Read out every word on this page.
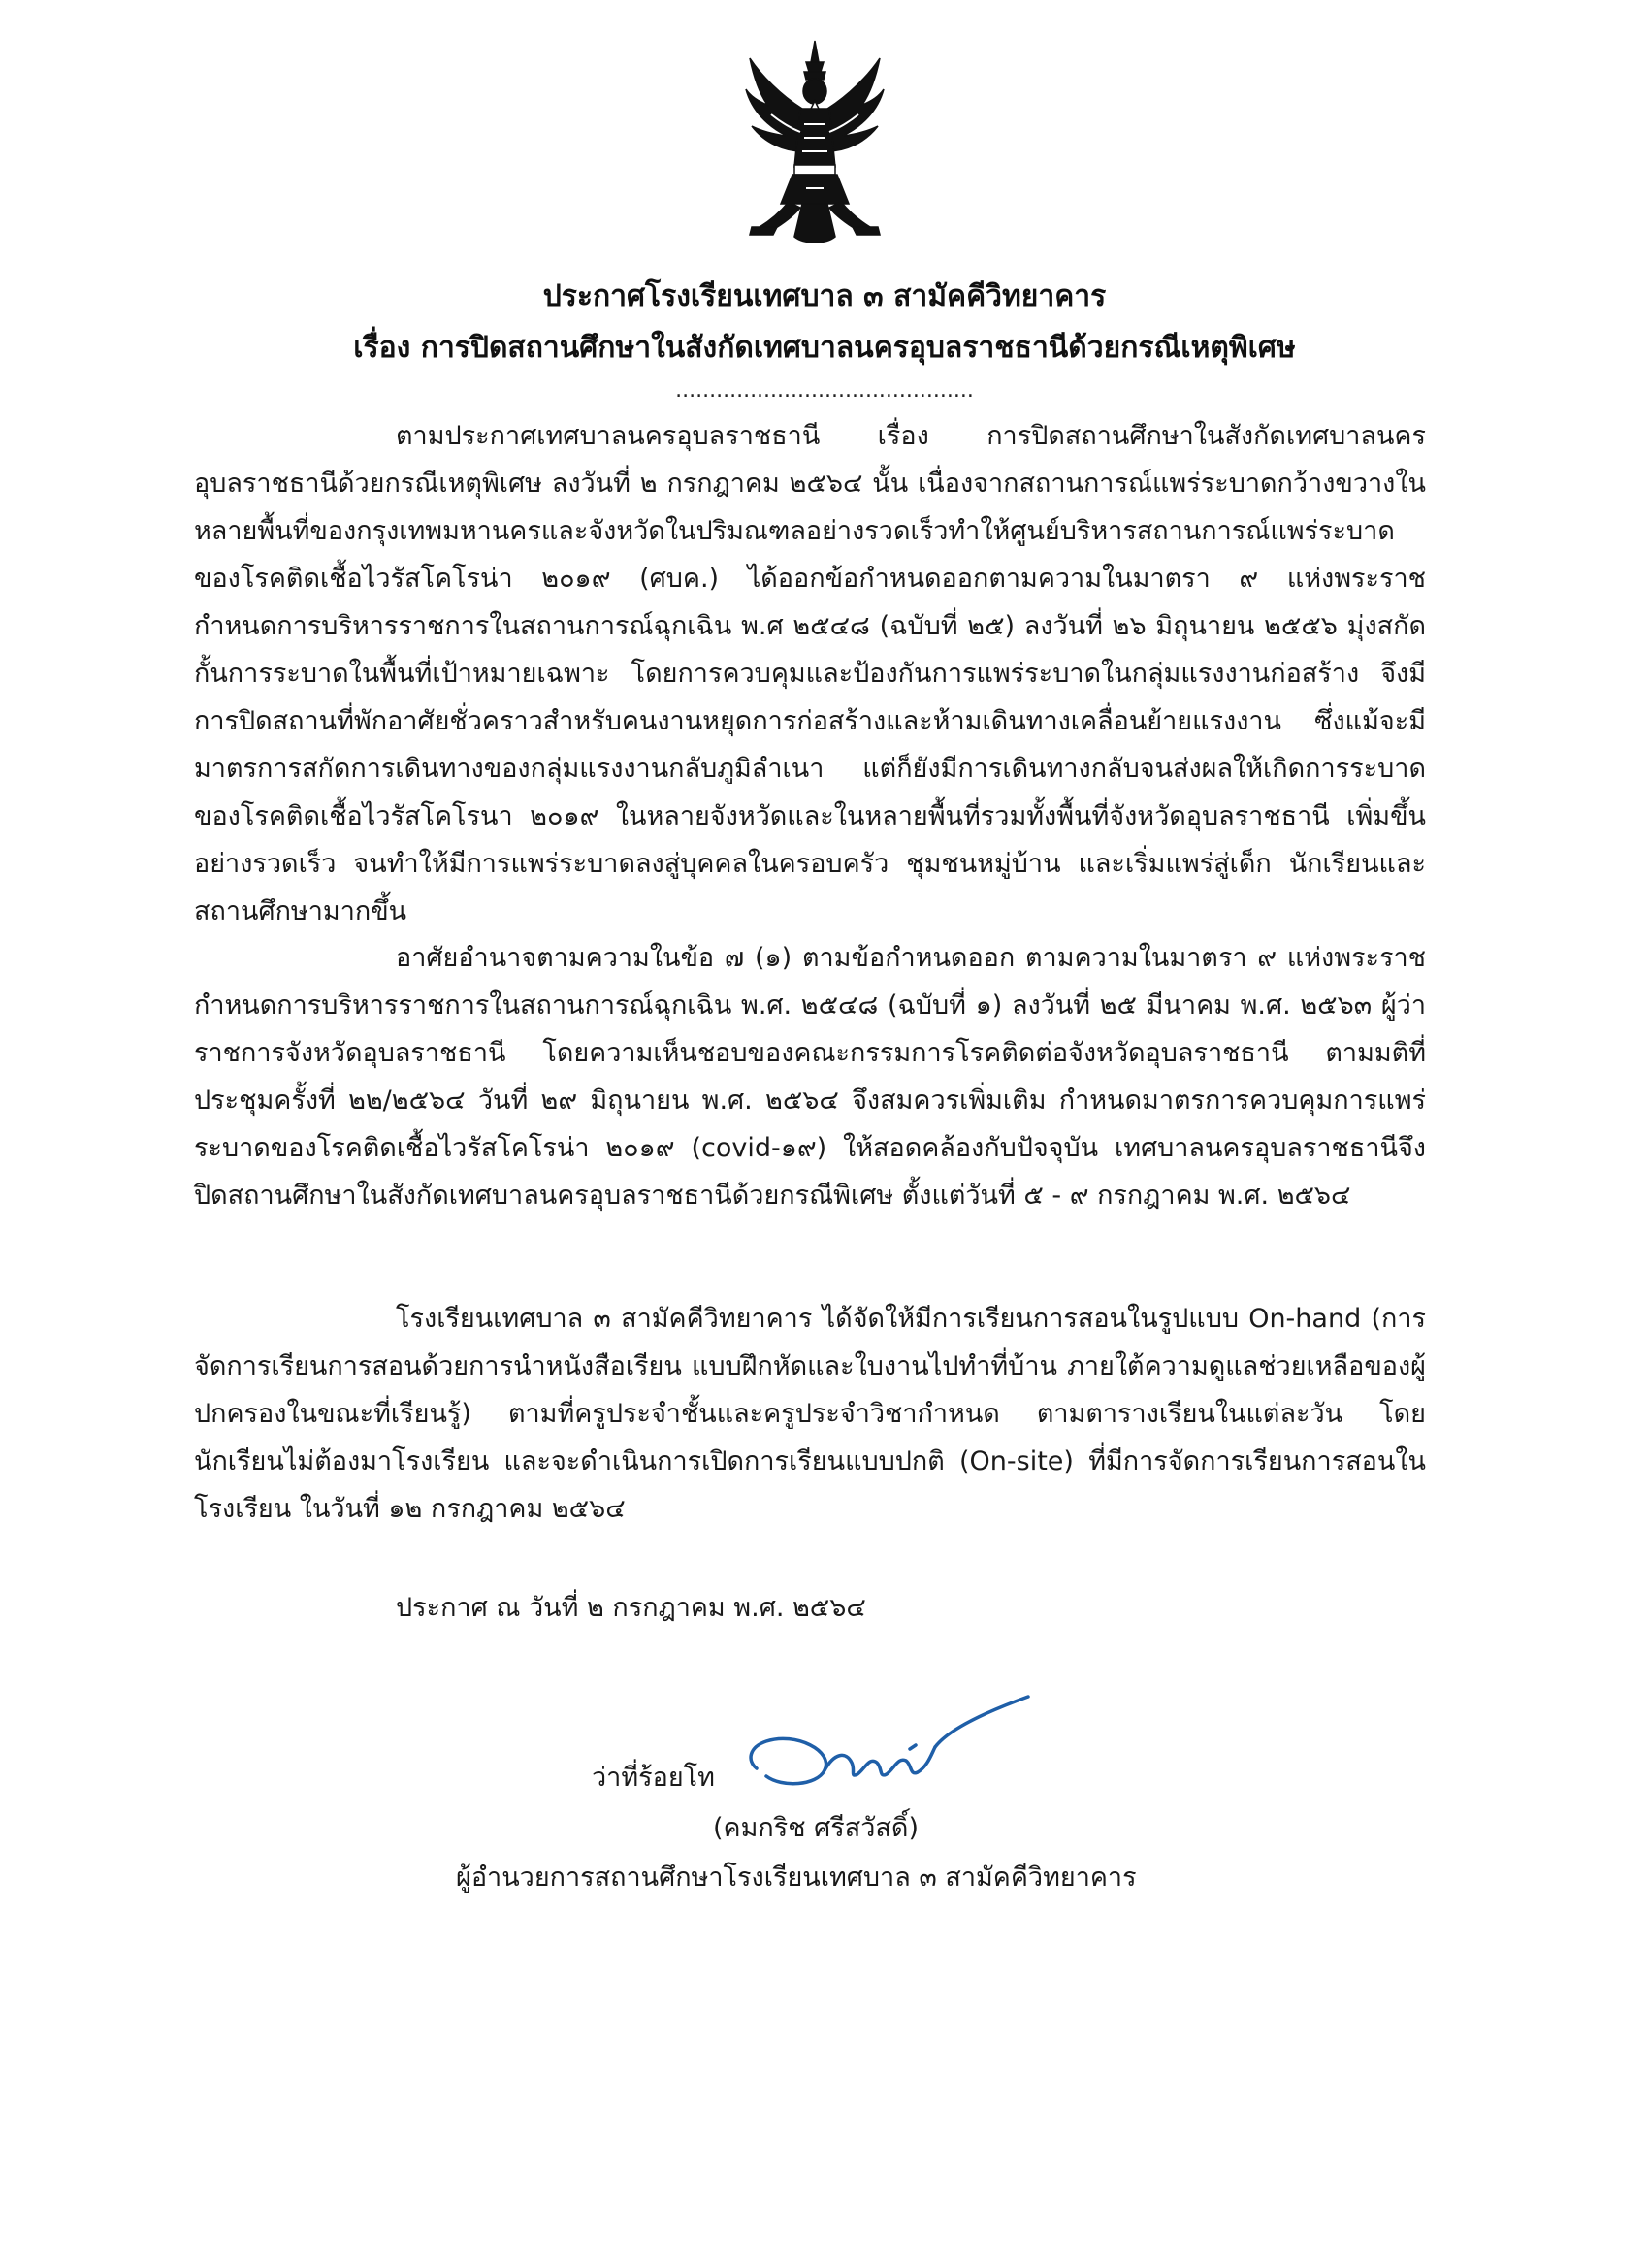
ประกาศโรงเรียนเทศบาล ๓ สามัคคีวิทยาคาร
เรื่อง การปิดสถานศึกษาในสังกัดเทศบาลนครอุบลราชธานีด้วยกรณีเหตุพิเศษ
............................................
ตามประกาศเทศบาลนครอุบลราชธานี เรื่อง การปิดสถานศึกษาในสังกัดเทศบาลนครอุบลราชธานีด้วยกรณีเหตุพิเศษ ลงวันที่ ๒ กรกฎาคม ๒๕๖๔ นั้น เนื่องจากสถานการณ์แพร่ระบาดกว้างขวางในหลายพื้นที่ของกรุงเทพมหานครและจังหวัดในปริมณฑลอย่างรวดเร็วทำให้ศูนย์บริหารสถานการณ์แพร่ระบาดของโรคติดเชื้อไวรัสโคโรน่า ๒๐๑๙ (ศบค.) ได้ออกข้อกำหนดออกตามความในมาตรา ๙ แห่งพระราชกำหนดการบริหารราชการในสถานการณ์ฉุกเฉิน พ.ศ ๒๕๔๘ (ฉบับที่ ๒๕) ลงวันที่ ๒๖ มิถุนายน ๒๕๕๖ มุ่งสกัดกั้นการระบาดในพื้นที่เป้าหมายเฉพาะ โดยการควบคุมและป้องกันการแพร่ระบาดในกลุ่มแรงงานก่อสร้าง จึงมีการปิดสถานที่พักอาศัยชั่วคราวสำหรับคนงานหยุดการก่อสร้างและห้ามเดินทางเคลื่อนย้ายแรงงาน ซึ่งแม้จะมีมาตรการสกัดการเดินทางของกลุ่มแรงงานกลับภูมิลำเนา แต่ก็ยังมีการเดินทางกลับจนส่งผลให้เกิดการระบาดของโรคติดเชื้อไวรัสโคโรนา ๒๐๑๙ ในหลายจังหวัดและในหลายพื้นที่รวมทั้งพื้นที่จังหวัดอุบลราชธานี เพิ่มขึ้นอย่างรวดเร็ว จนทำให้มีการแพร่ระบาดลงสู่บุคคลในครอบครัว ชุมชนหมู่บ้าน และเริ่มแพร่สู่เด็ก นักเรียนและสถานศึกษามากขึ้น
อาศัยอำนาจตามความในข้อ ๗ (๑) ตามข้อกำหนดออก ตามความในมาตรา ๙ แห่งพระราชกำหนดการบริหารราชการในสถานการณ์ฉุกเฉิน พ.ศ. ๒๕๔๘ (ฉบับที่ ๑) ลงวันที่ ๒๕ มีนาคม พ.ศ. ๒๕๖๓ ผู้ว่าราชการจังหวัดอุบลราชธานี โดยความเห็นชอบของคณะกรรมการโรคติดต่อจังหวัดอุบลราชธานี ตามมติที่ประชุมครั้งที่ ๒๒/๒๕๖๔ วันที่ ๒๙ มิถุนายน พ.ศ. ๒๕๖๔ จึงสมควรเพิ่มเติม กำหนดมาตรการควบคุมการแพร่ระบาดของโรคติดเชื้อไวรัสโคโรน่า ๒๐๑๙ (covid-๑๙) ให้สอดคล้องกับปัจจุบัน เทศบาลนครอุบลราชธานีจึงปิดสถานศึกษาในสังกัดเทศบาลนครอุบลราชธานีด้วยกรณีพิเศษ ตั้งแต่วันที่ ๕ - ๙ กรกฎาคม พ.ศ. ๒๕๖๔
โรงเรียนเทศบาล ๓ สามัคคีวิทยาคาร ได้จัดให้มีการเรียนการสอนในรูปแบบ On-hand (การจัดการเรียนการสอนด้วยการนำหนังสือเรียน แบบฝึกหัดและใบงานไปทำที่บ้าน ภายใต้ความดูแลช่วยเหลือของผู้ปกครองในขณะที่เรียนรู้) ตามที่ครูประจำชั้นและครูประจำวิชากำหนด ตามตารางเรียนในแต่ละวัน โดยนักเรียนไม่ต้องมาโรงเรียน และจะดำเนินการเปิดการเรียนแบบปกติ (On-site) ที่มีการจัดการเรียนการสอนในโรงเรียน ในวันที่ ๑๒ กรกฎาคม ๒๕๖๔
ประกาศ ณ วันที่ ๒ กรกฎาคม พ.ศ. ๒๕๖๔
ว่าที่ร้อยโท
(คมกริช ศรีสวัสดิ์)
ผู้อำนวยการสถานศึกษาโรงเรียนเทศบาล ๓ สามัคคีวิทยาคาร
